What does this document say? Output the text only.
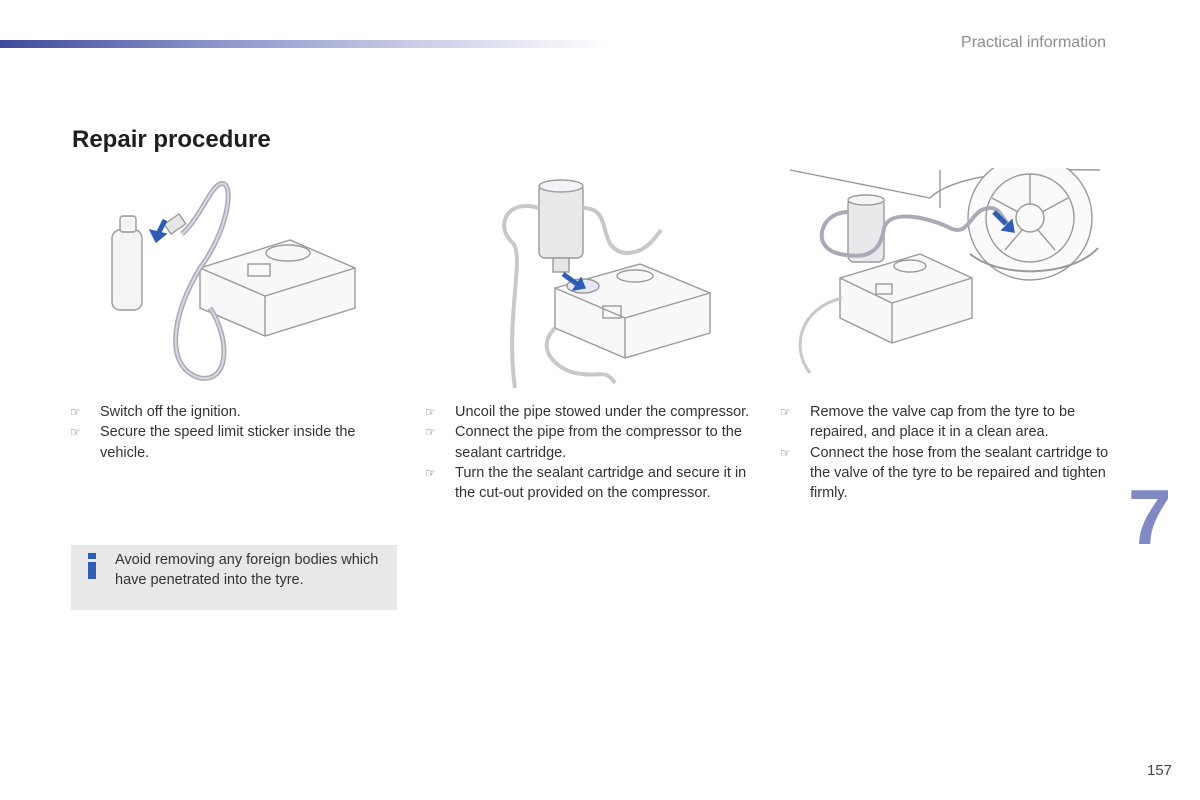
Practical information
Repair procedure
☞ Switch off the ignition.
☞ Secure the speed limit sticker inside the vehicle.
☞ Uncoil the pipe stowed under the compressor.
☞ Connect the pipe from the compressor to the sealant cartridge.
☞ Turn the the sealant cartridge and secure it in the cut-out provided on the compressor.
☞ Remove the valve cap from the tyre to be repaired, and place it in a clean area.
☞ Connect the hose from the sealant cartridge to the valve of the tyre to be repaired and tighten firmly.
Avoid removing any foreign bodies which have penetrated into the tyre.
7
157
